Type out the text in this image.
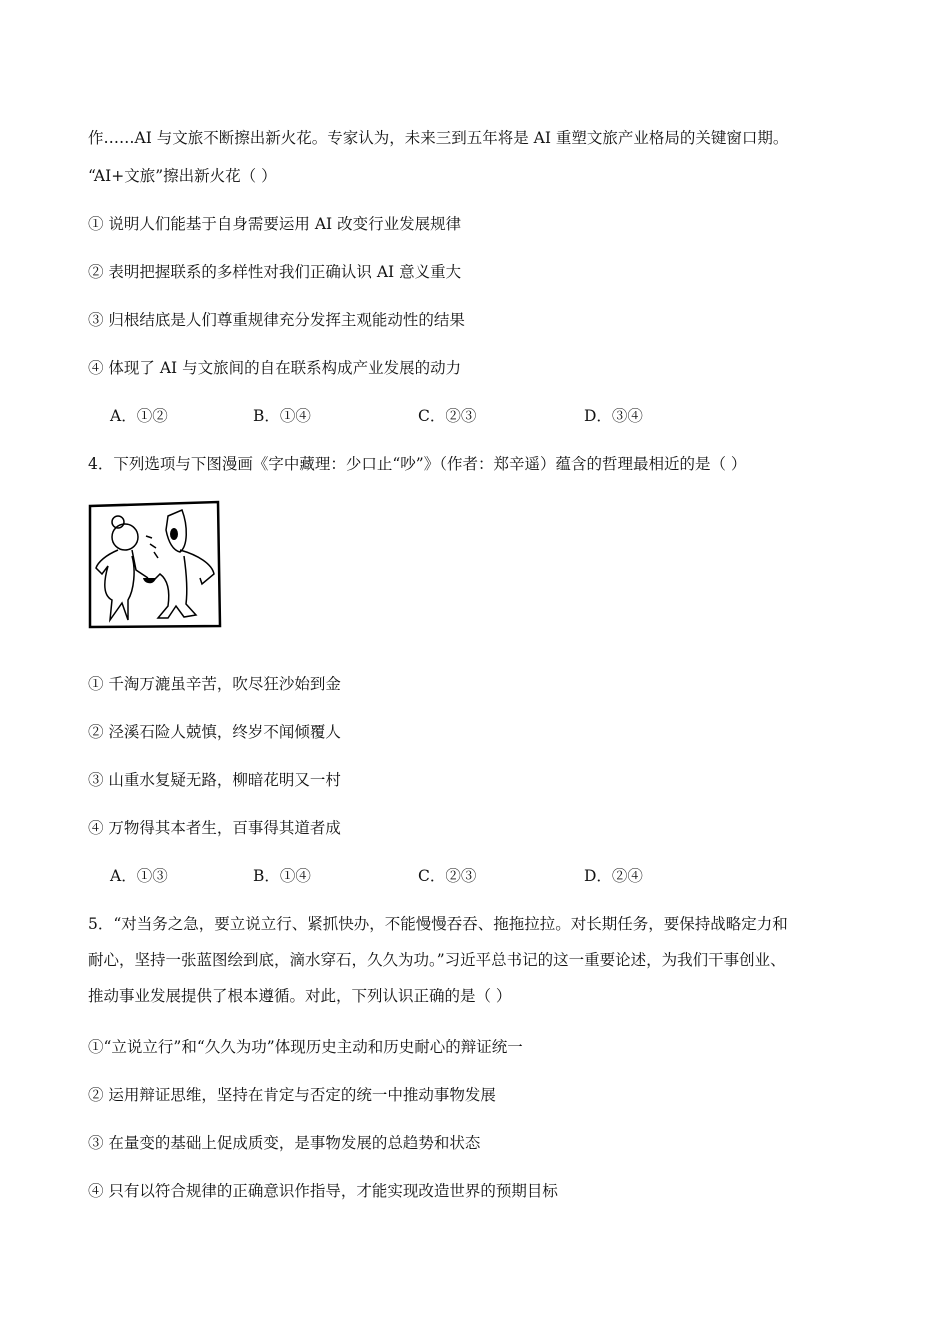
作……AI 与文旅不断擦出新火花。专家认为，未来三到五年将是 AI 重塑文旅产业格局的关键窗口期。
“AI+文旅”擦出新火花（ ）
① 说明人们能基于自身需要运用 AI 改变行业发展规律
② 表明把握联系的多样性对我们正确认识 AI 意义重大
③ 归根结底是人们尊重规律充分发挥主观能动性的结果
④ 体现了 AI 与文旅间的自在联系构成产业发展的动力
A．①②	B．①④	C．②③	D．③④
4．下列选项与下图漫画《字中藏理：少口止“吵”》（作者：郑辛遥）蕴含的哲理最相近的是（ ）
① 千淘万漉虽辛苦，吹尽狂沙始到金
② 泾溪石险人兢慎，终岁不闻倾覆人
③ 山重水复疑无路，柳暗花明又一村
④ 万物得其本者生，百事得其道者成
A．①③	B．①④	C．②③	D．②④
5．“对当务之急，要立说立行、紧抓快办，不能慢慢吞吞、拖拖拉拉。对长期任务，要保持战略定力和
耐心，坚持一张蓝图绘到底，滴水穿石，久久为功。”习近平总书记的这一重要论述，为我们干事创业、
推动事业发展提供了根本遵循。对此，下列认识正确的是（ ）
①“立说立行”和“久久为功”体现历史主动和历史耐心的辩证统一
② 运用辩证思维，坚持在肯定与否定的统一中推动事物发展
③ 在量变的基础上促成质变，是事物发展的总趋势和状态
④ 只有以符合规律的正确意识作指导，才能实现改造世界的预期目标
